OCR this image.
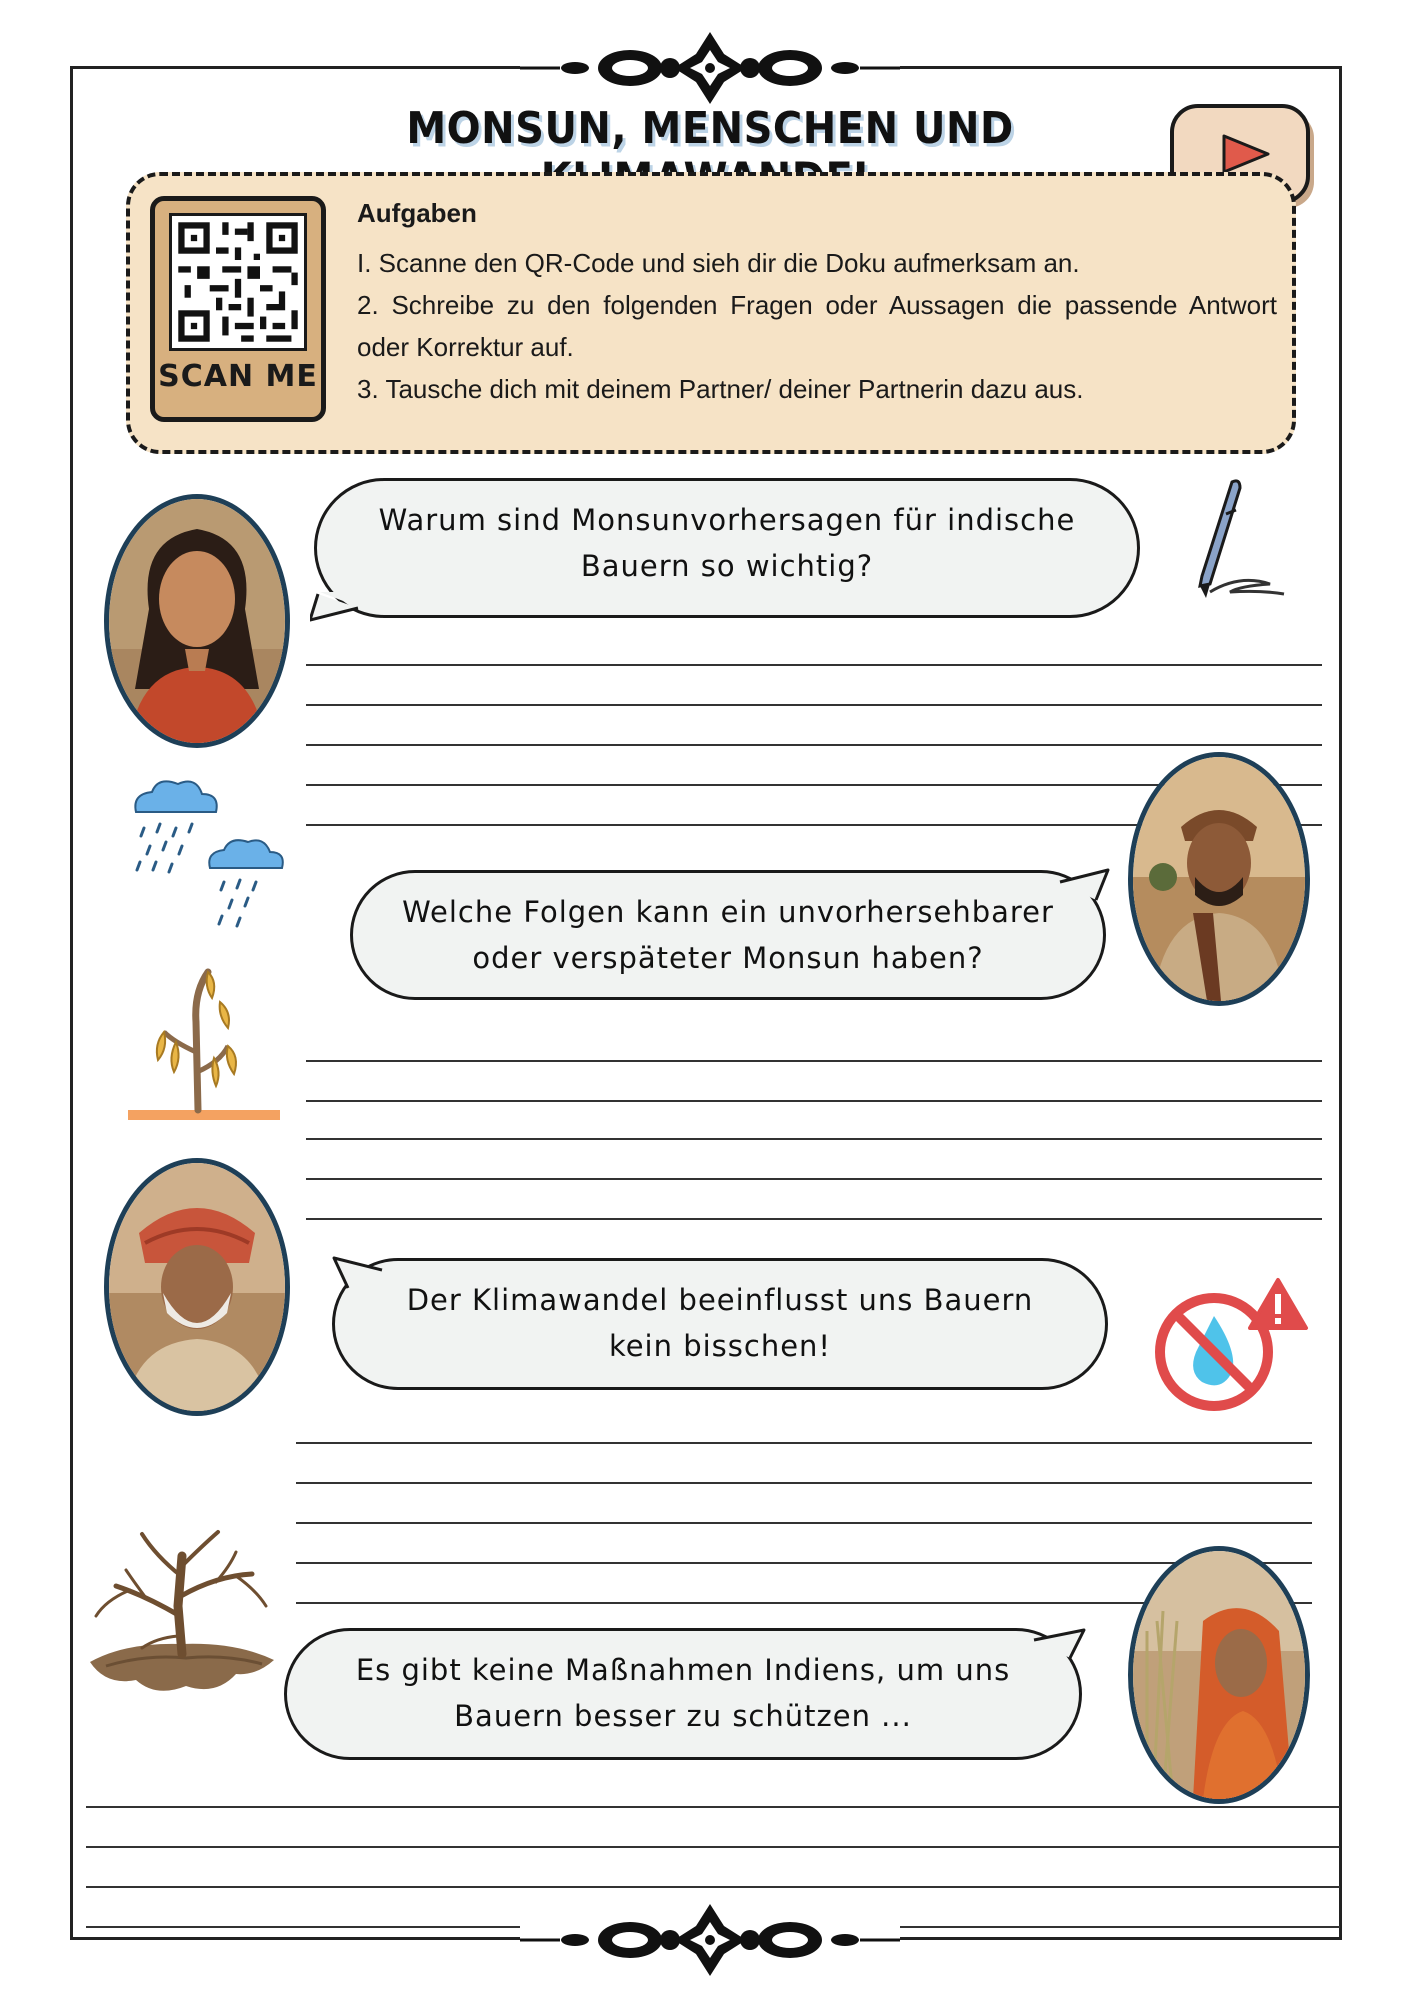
MONSUN, MENSCHEN UND
SCAN ME
Aufgaben

I. Scanne den QR-Code und sieh dir die Doku aufmerksam an.

2. Schreibe zu den folgenden Fragen oder Aussagen die passende Antwort oder Korrektur auf.

3. Tausche dich mit deinem Partner/ deiner Partnerin dazu aus.

Warum sind Monsunvorhersagen für indische Bauern so wichtig?
Welche Folgen kann ein unvorhersehbarer oder verspäteter Monsun haben?
Der Klimawandel beeinflusst uns Bauern kein bisschen!
Es gibt keine Maßnahmen Indiens, um uns Bauern besser zu schützen ...
